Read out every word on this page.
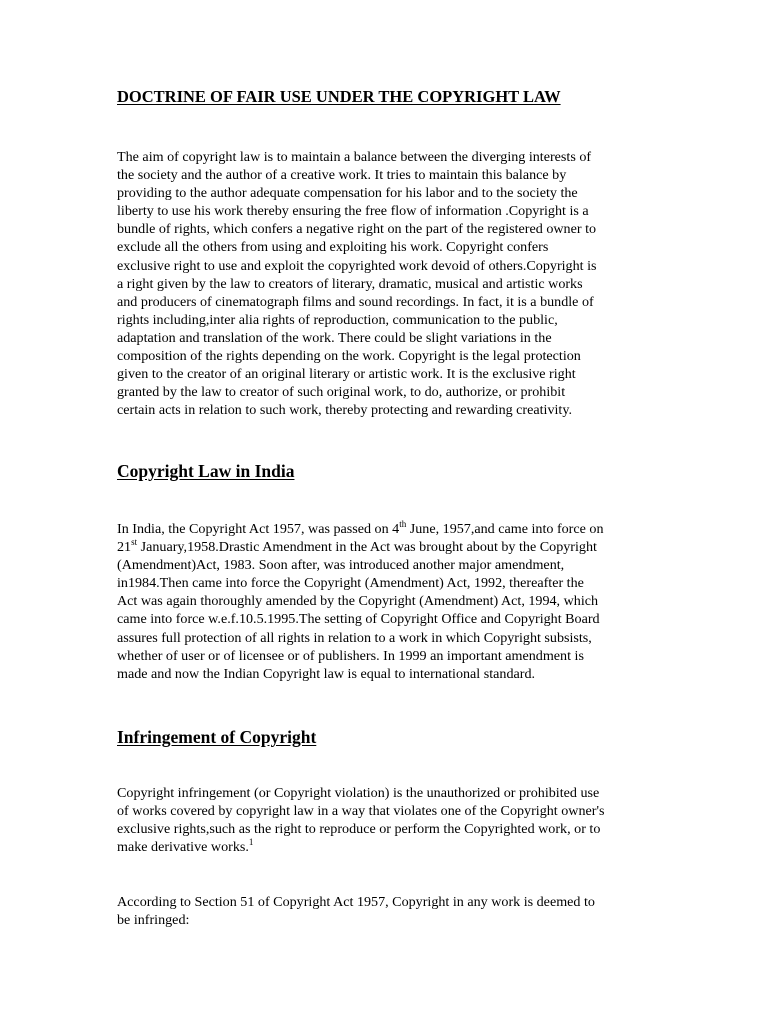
DOCTRINE OF FAIR USE UNDER THE COPYRIGHT LAW

The aim of copyright law is to maintain a balance between the diverging interests of
the society and the author of a creative work. It tries to maintain this balance by
providing to the author adequate compensation for his labor and to the society the
liberty to use his work thereby ensuring the free flow of information .Copyright is a
bundle of rights, which confers a negative right on the part of the registered owner to
exclude all the others from using and exploiting his work. Copyright confers
exclusive right to use and exploit the copyrighted work devoid of others.Copyright is
a right given by the law to creators of literary, dramatic, musical and artistic works
and producers of cinematograph films and sound recordings. In fact, it is a bundle of
rights including,inter alia rights of reproduction, communication to the public,
adaptation and translation of the work. There could be slight variations in the
composition of the rights depending on the work. Copyright is the legal protection
given to the creator of an original literary or artistic work. It is the exclusive right
granted by the law to creator of such original work, to do, authorize, or prohibit
certain acts in relation to such work, thereby protecting and rewarding creativity.

Copyright Law in India

In India, the Copyright Act 1957, was passed on 4th June, 1957,and came into force on
21st January,1958.Drastic Amendment in the Act was brought about by the Copyright
(Amendment)Act, 1983. Soon after, was introduced another major amendment,
in1984.Then came into force the Copyright (Amendment) Act, 1992, thereafter the
Act was again thoroughly amended by the Copyright (Amendment) Act, 1994, which
came into force w.e.f.10.5.1995.The setting of Copyright Office and Copyright Board
assures full protection of all rights in relation to a work in which Copyright subsists,
whether of user or of licensee or of publishers. In 1999 an important amendment is
made and now the Indian Copyright law is equal to international standard.

Infringement of Copyright

Copyright infringement (or Copyright violation) is the unauthorized or prohibited use
of works covered by copyright law in a way that violates one of the Copyright owner's
exclusive rights,such as the right to reproduce or perform the Copyrighted work, or to
make derivative works.$^1$

According to Section 51 of Copyright Act 1957, Copyright in any work is deemed to
be infringed:
